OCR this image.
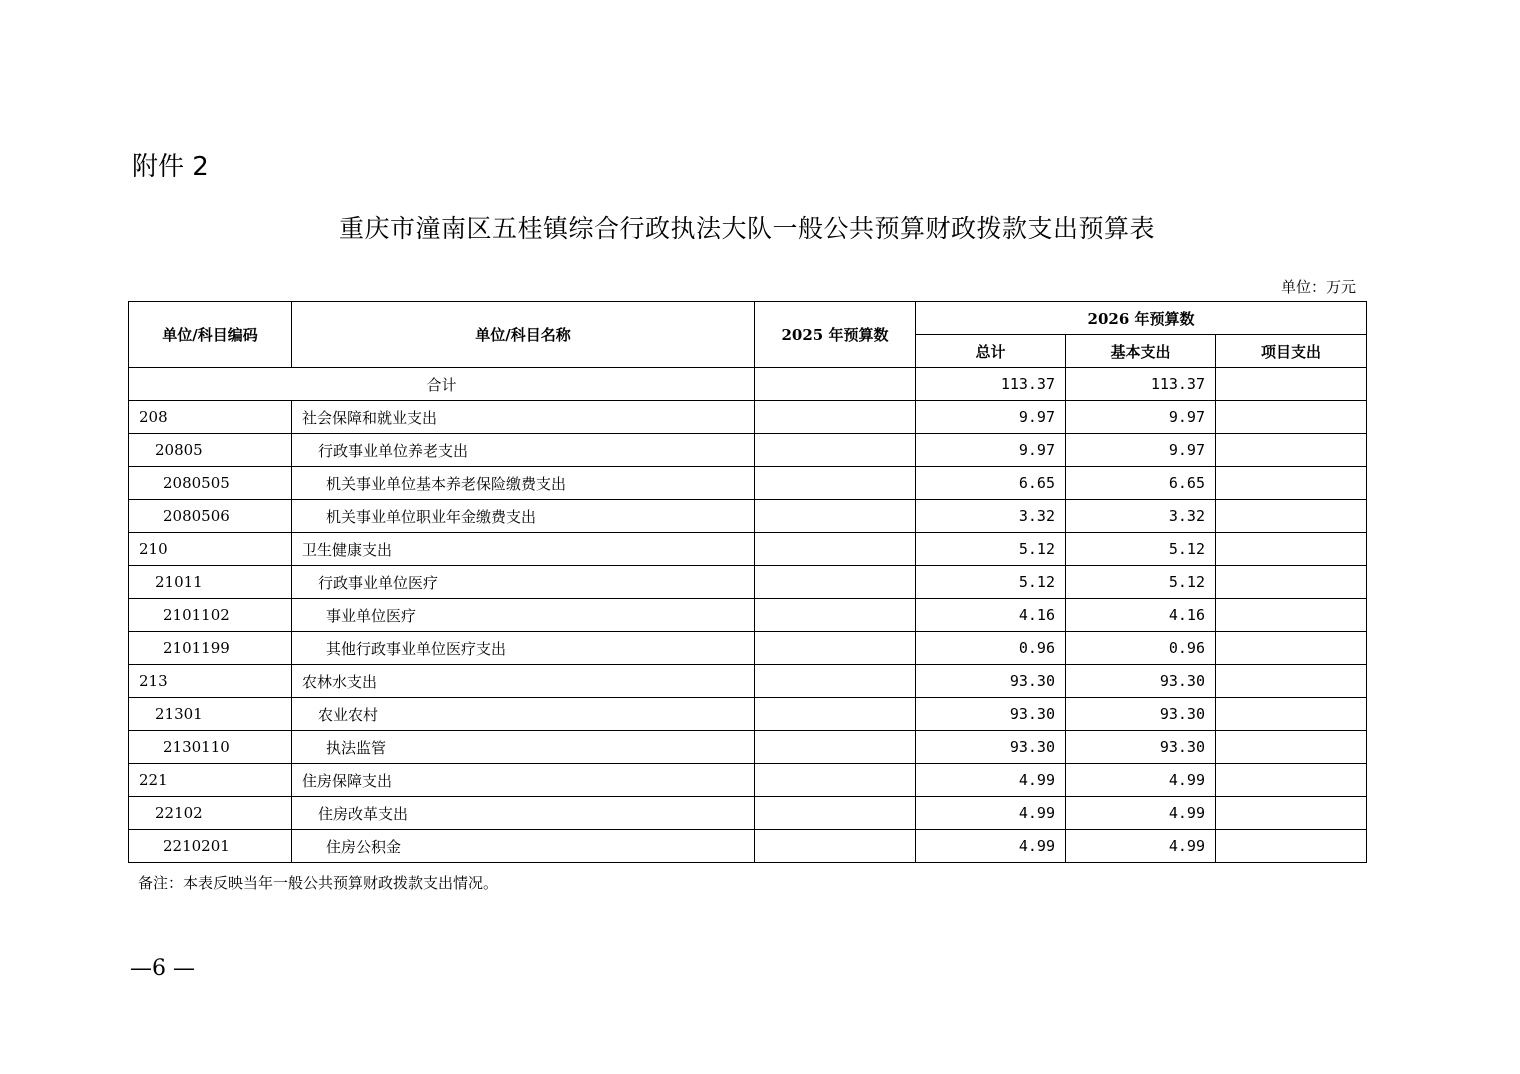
附件 2
重庆市潼南区五桂镇综合行政执法大队一般公共预算财政拨款支出预算表
单位：万元
单位/科目编码	单位/科目名称	2025 年预算数	2026 年预算数		
			总计	基本支出	项目支出
合计			113.37	113.37	
208	社会保障和就业支出		9.97	9.97	
20805	行政事业单位养老支出		9.97	9.97	
2080505	机关事业单位基本养老保险缴费支出		6.65	6.65	
2080506	机关事业单位职业年金缴费支出		3.32	3.32	
210	卫生健康支出		5.12	5.12	
21011	行政事业单位医疗		5.12	5.12	
2101102	事业单位医疗		4.16	4.16	
2101199	其他行政事业单位医疗支出		0.96	0.96	
213	农林水支出		93.30	93.30	
21301	农业农村		93.30	93.30	
2130110	执法监管		93.30	93.30	
221	住房保障支出		4.99	4.99	
22102	住房改革支出		4.99	4.99	
2210201	住房公积金		4.99	4.99	
备注：本表反映当年一般公共预算财政拨款支出情况。
—6 —
